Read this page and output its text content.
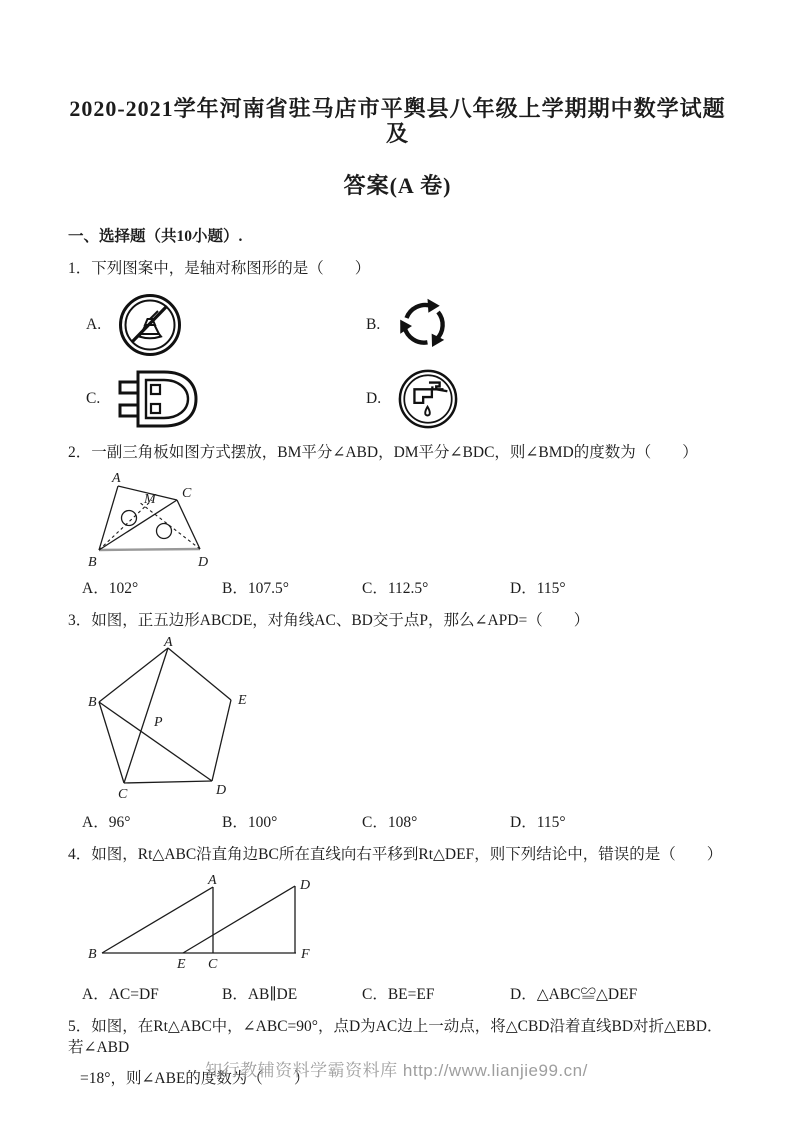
2020-2021学年河南省驻马店市平舆县八年级上学期期中数学试题及
答案(A 卷)
一、选择题（共10小题）.
1．下列图案中，是轴对称图形的是（　　）
A.	B.
C.	D.
2．一副三角板如图方式摆放，BM平分∠ABD，DM平分∠BDC，则∠BMD的度数为（　　）
A
C
B	D
M
A．102°	B．107.5°	C．112.5°	D．115°
3．如图，正五边形ABCDE，对角线AC、BD交于点P，那么∠APD=（　　）
A
B	E
C	D
P
A．96°	B．100°	C．108°	D．115°
4．如图，Rt△ABC沿直角边BC所在直线向右平移到Rt△DEF，则下列结论中，错误的是（　　）
A	D
B
E C
F
A．AC=DF	B．AB∥DE	C．BE=EF	D．△ABC≌△DEF
5．如图，在Rt△ABC中，∠ABC=90°，点D为AC边上一动点，将△CBD沿着直线BD对折△EBD．若∠ABD
=18°，则∠ABE的度数为（　　）
知行教辅资料学霸资料库 http://www.lianjie99.cn/
